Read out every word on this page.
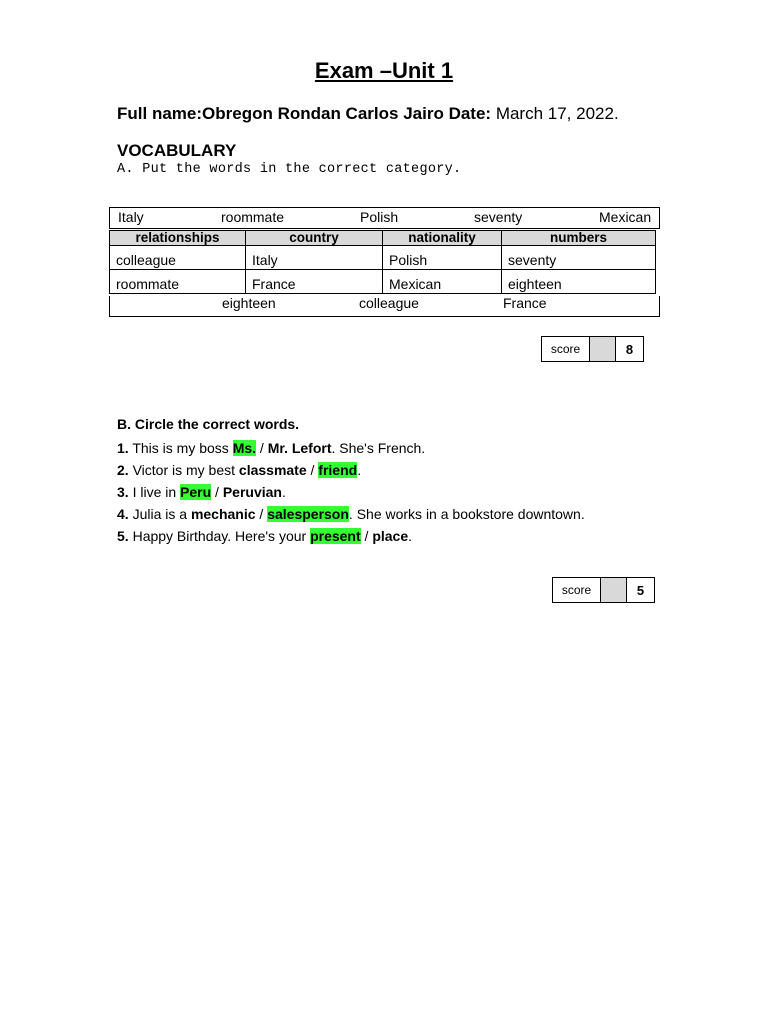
Exam –Unit 1
Full name:Obregon Rondan Carlos Jairo Date: March 17, 2022.
VOCABULARY
A. Put the words in the correct category.
Italy	roommate	Polish	seventy	Mexican
relationships	country	nationality	numbers
colleague	Italy	Polish	seventy
roommate	France	Mexican	eighteen
eighteen	colleague	France
score	8
B. Circle the correct words.
1. This is my boss Ms. / Mr. Lefort. She's French.
2. Victor is my best classmate / friend.
3. I live in Peru / Peruvian.
4. Julia is a mechanic / salesperson. She works in a bookstore downtown.
5. Happy Birthday. Here's your present / place.
score	5
